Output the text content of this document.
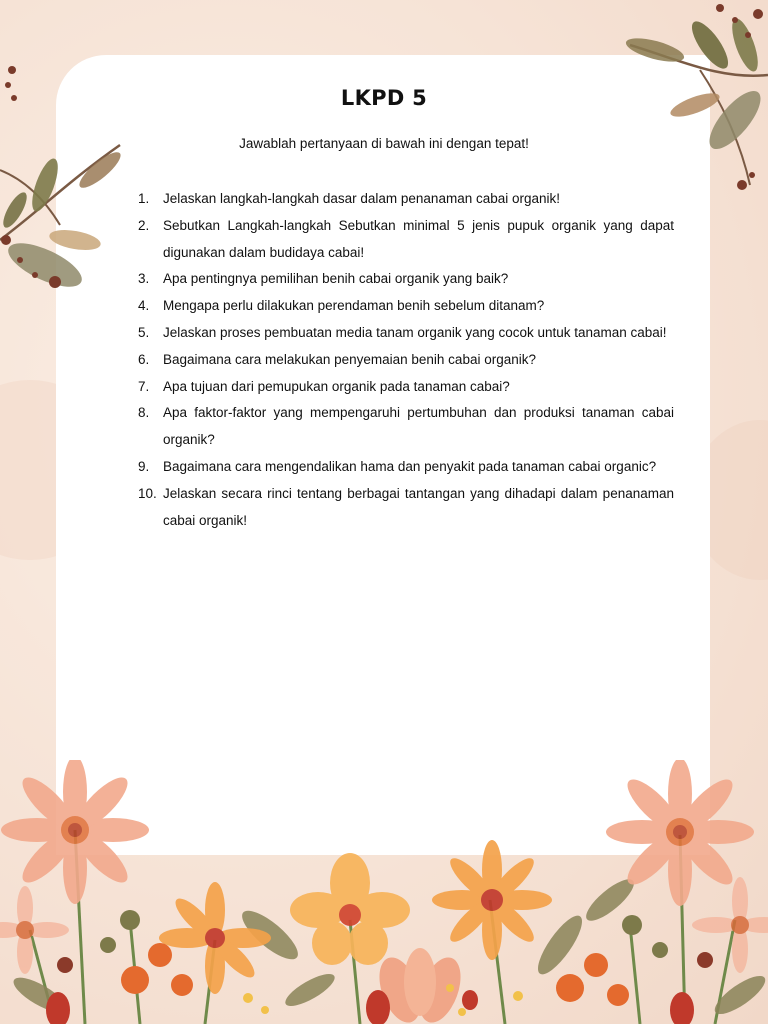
LKPD 5
Jawablah pertanyaan di bawah ini dengan tepat!
1. Jelaskan langkah-langkah dasar dalam penanaman cabai organik!
2. Sebutkan Langkah-langkah Sebutkan minimal 5 jenis pupuk organik yang dapat digunakan dalam budidaya cabai!
3. Apa pentingnya pemilihan benih cabai organik yang baik?
4. Mengapa perlu dilakukan perendaman benih sebelum ditanam?
5. Jelaskan proses pembuatan media tanam organik yang cocok untuk tanaman cabai!
6. Bagaimana cara melakukan penyemaian benih cabai organik?
7. Apa tujuan dari pemupukan organik pada tanaman cabai?
8. Apa faktor-faktor yang mempengaruhi pertumbuhan dan produksi tanaman cabai organik?
9. Bagaimana cara mengendalikan hama dan penyakit pada tanaman cabai organic?
10. Jelaskan secara rinci tentang berbagai tantangan yang dihadapi dalam penanaman cabai organik!
